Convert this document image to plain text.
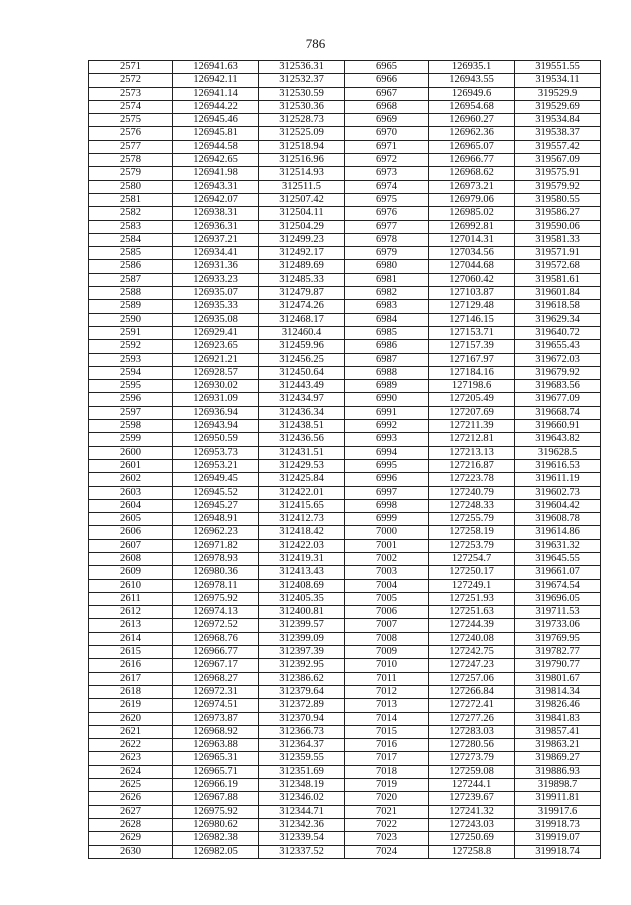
786
2571	126941.63	312536.31	6965	126935.1	319551.55
2572	126942.11	312532.37	6966	126943.55	319534.11
2573	126941.14	312530.59	6967	126949.6	319529.9
2574	126944.22	312530.36	6968	126954.68	319529.69
2575	126945.46	312528.73	6969	126960.27	319534.84
2576	126945.81	312525.09	6970	126962.36	319538.37
2577	126944.58	312518.94	6971	126965.07	319557.42
2578	126942.65	312516.96	6972	126966.77	319567.09
2579	126941.98	312514.93	6973	126968.62	319575.91
2580	126943.31	312511.5	6974	126973.21	319579.92
2581	126942.07	312507.42	6975	126979.06	319580.55
2582	126938.31	312504.11	6976	126985.02	319586.27
2583	126936.31	312504.29	6977	126992.81	319590.06
2584	126937.21	312499.23	6978	127014.31	319581.33
2585	126934.41	312492.17	6979	127034.56	319571.91
2586	126931.36	312489.69	6980	127044.68	319572.68
2587	126933.23	312485.33	6981	127060.42	319581.61
2588	126935.07	312479.87	6982	127103.87	319601.84
2589	126935.33	312474.26	6983	127129.48	319618.58
2590	126935.08	312468.17	6984	127146.15	319629.34
2591	126929.41	312460.4	6985	127153.71	319640.72
2592	126923.65	312459.96	6986	127157.39	319655.43
2593	126921.21	312456.25	6987	127167.97	319672.03
2594	126928.57	312450.64	6988	127184.16	319679.92
2595	126930.02	312443.49	6989	127198.6	319683.56
2596	126931.09	312434.97	6990	127205.49	319677.09
2597	126936.94	312436.34	6991	127207.69	319668.74
2598	126943.94	312438.51	6992	127211.39	319660.91
2599	126950.59	312436.56	6993	127212.81	319643.82
2600	126953.73	312431.51	6994	127213.13	319628.5
2601	126953.21	312429.53	6995	127216.87	319616.53
2602	126949.45	312425.84	6996	127223.78	319611.19
2603	126945.52	312422.01	6997	127240.79	319602.73
2604	126945.27	312415.65	6998	127248.33	319604.42
2605	126948.91	312412.73	6999	127255.79	319608.78
2606	126962.23	312418.42	7000	127258.19	319614.86
2607	126971.82	312422.03	7001	127253.79	319631.32
2608	126978.93	312419.31	7002	127254.7	319645.55
2609	126980.36	312413.43	7003	127250.17	319661.07
2610	126978.11	312408.69	7004	127249.1	319674.54
2611	126975.92	312405.35	7005	127251.93	319696.05
2612	126974.13	312400.81	7006	127251.63	319711.53
2613	126972.52	312399.57	7007	127244.39	319733.06
2614	126968.76	312399.09	7008	127240.08	319769.95
2615	126966.77	312397.39	7009	127242.75	319782.77
2616	126967.17	312392.95	7010	127247.23	319790.77
2617	126968.27	312386.62	7011	127257.06	319801.67
2618	126972.31	312379.64	7012	127266.84	319814.34
2619	126974.51	312372.89	7013	127272.41	319826.46
2620	126973.87	312370.94	7014	127277.26	319841.83
2621	126968.92	312366.73	7015	127283.03	319857.41
2622	126963.88	312364.37	7016	127280.56	319863.21
2623	126965.31	312359.55	7017	127273.79	319869.27
2624	126965.71	312351.69	7018	127259.08	319886.93
2625	126966.19	312348.19	7019	127244.1	319898.7
2626	126967.88	312346.02	7020	127239.67	319911.81
2627	126975.92	312344.71	7021	127241.32	319917.6
2628	126980.62	312342.36	7022	127243.03	319918.73
2629	126982.38	312339.54	7023	127250.69	319919.07
2630	126982.05	312337.52	7024	127258.8	319918.74
